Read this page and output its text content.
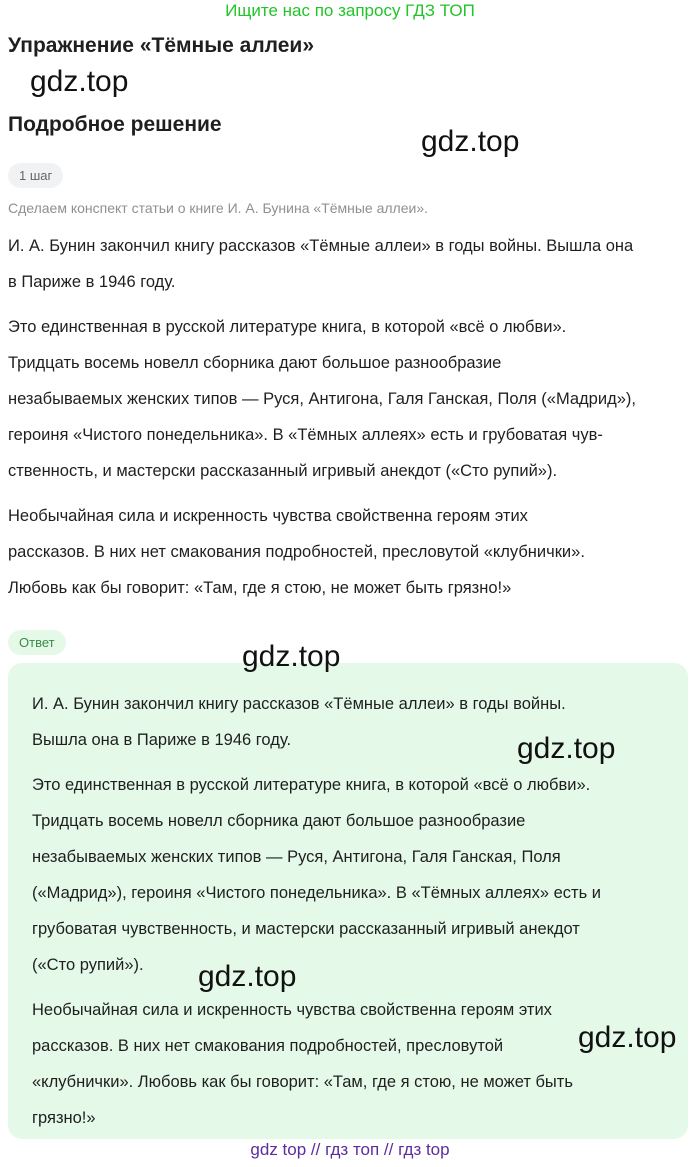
Ищите нас по запросу ГДЗ ТОП
Упражнение «Тёмные аллеи»
gdz.top
Подробное решение
gdz.top
1 шаг
Сделаем конспект статьи о книге И. А. Бунина «Тёмные аллеи».

И. А. Бунин закончил книгу рассказов «Тёмные аллеи» в годы войны. Вышла она
в Париже в 1946 году.

Это единственная в русской литературе книга, в которой «всё о любви».
Тридцать восемь новелл сборника дают большое разнообразие
незабываемых женских типов — Руся, Антигона, Галя Ганская, Поля («Мадрид»),
героиня «Чистого понедельника». В «Тёмных аллеях» есть и грубоватая чув-
ственность, и мастерски рассказанный игривый анекдот («Сто рупий»).

Необычайная сила и искренность чувства свойственна героям этих
рассказов. В них нет смакования подробностей, пресловутой «клубнички».
Любовь как бы говорит: «Там, где я стою, не может быть грязно!»

Ответ

И. А. Бунин закончил книгу рассказов «Тёмные аллеи» в годы войны.
Вышла она в Париже в 1946 году.

Это единственная в русской литературе книга, в которой «всё о любви».
Тридцать восемь новелл сборника дают большое разнообразие
незабываемых женских типов — Руся, Антигона, Галя Ганская, Поля
(«Мадрид»), героиня «Чистого понедельника». В «Тёмных аллеях» есть и
грубоватая чувственность, и мастерски рассказанный игривый анекдот
(«Сто рупий»).

Необычайная сила и искренность чувства свойственна героям этих
рассказов. В них нет смакования подробностей, пресловутой
«клубнички». Любовь как бы говорит: «Там, где я стою, не может быть
грязно!»

gdz.top
gdz.top
gdz.top
gdz.top
gdz top // гдз топ // гдз top
